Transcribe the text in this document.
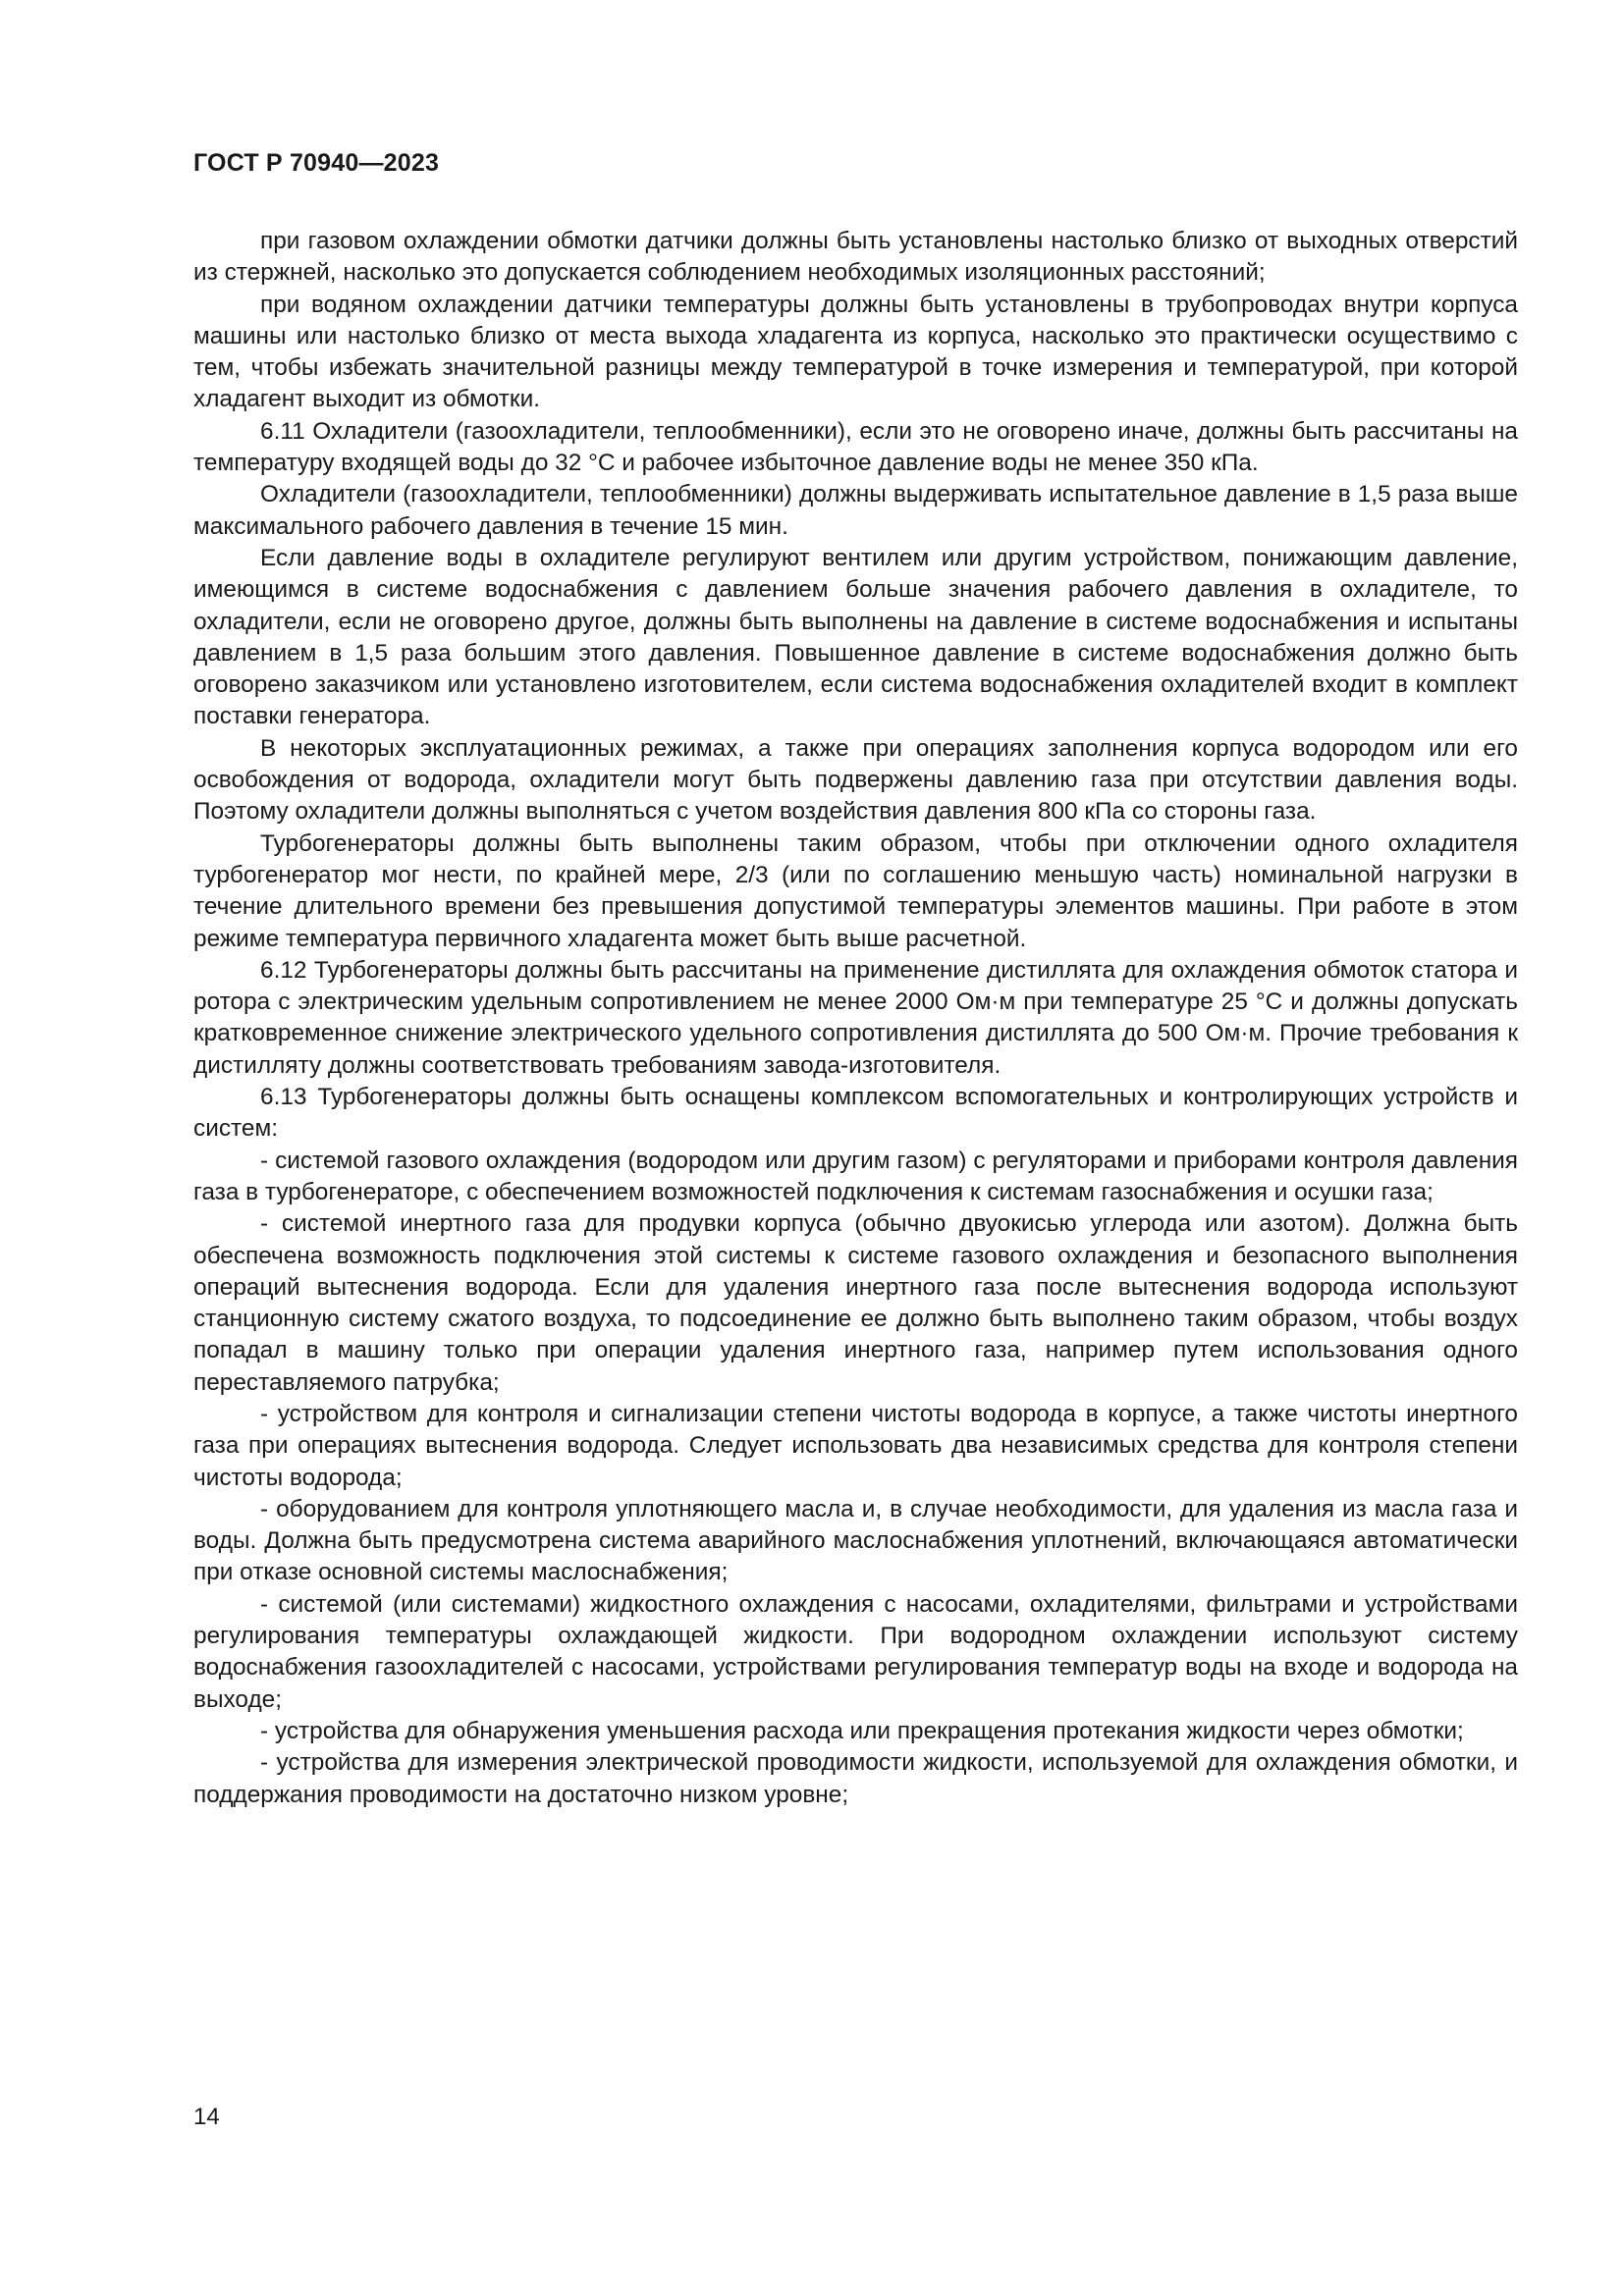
ГОСТ Р 70940—2023

при газовом охлаждении обмотки датчики должны быть установлены настолько близко от выходных отверстий из стержней, насколько это допускается соблюдением необходимых изоляционных расстояний;

при водяном охлаждении датчики температуры должны быть установлены в трубопроводах внутри корпуса машины или настолько близко от места выхода хладагента из корпуса, насколько это практически осуществимо с тем, чтобы избежать значительной разницы между температурой в точке измерения и температурой, при которой хладагент выходит из обмотки.

6.11 Охладители (газоохладители, теплообменники), если это не оговорено иначе, должны быть рассчитаны на температуру входящей воды до 32 °С и рабочее избыточное давление воды не менее 350 кПа.

Охладители (газоохладители, теплообменники) должны выдерживать испытательное давление в 1,5 раза выше максимального рабочего давления в течение 15 мин.

Если давление воды в охладителе регулируют вентилем или другим устройством, понижающим давление, имеющимся в системе водоснабжения с давлением больше значения рабочего давления в охладителе, то охладители, если не оговорено другое, должны быть выполнены на давление в системе водоснабжения и испытаны давлением в 1,5 раза большим этого давления. Повышенное давление в системе водоснабжения должно быть оговорено заказчиком или установлено изготовителем, если система водоснабжения охладителей входит в комплект поставки генератора.

В некоторых эксплуатационных режимах, а также при операциях заполнения корпуса водородом или его освобождения от водорода, охладители могут быть подвержены давлению газа при отсутствии давления воды. Поэтому охладители должны выполняться с учетом воздействия давления 800 кПа со стороны газа.

Турбогенераторы должны быть выполнены таким образом, чтобы при отключении одного охладителя турбогенератор мог нести, по крайней мере, 2/3 (или по соглашению меньшую часть) номинальной нагрузки в течение длительного времени без превышения допустимой температуры элементов машины. При работе в этом режиме температура первичного хладагента может быть выше расчетной.

6.12 Турбогенераторы должны быть рассчитаны на применение дистиллята для охлаждения обмоток статора и ротора с электрическим удельным сопротивлением не менее 2000 Ом·м при температуре 25 °С и должны допускать кратковременное снижение электрического удельного сопротивления дистиллята до 500 Ом·м. Прочие требования к дистилляту должны соответствовать требованиям завода-изготовителя.

6.13 Турбогенераторы должны быть оснащены комплексом вспомогательных и контролирующих устройств и систем:

- системой газового охлаждения (водородом или другим газом) с регуляторами и приборами контроля давления газа в турбогенераторе, с обеспечением возможностей подключения к системам газоснабжения и осушки газа;

- системой инертного газа для продувки корпуса (обычно двуокисью углерода или азотом). Должна быть обеспечена возможность подключения этой системы к системе газового охлаждения и безопасного выполнения операций вытеснения водорода. Если для удаления инертного газа после вытеснения водорода используют станционную систему сжатого воздуха, то подсоединение ее должно быть выполнено таким образом, чтобы воздух попадал в машину только при операции удаления инертного газа, например путем использования одного переставляемого патрубка;

- устройством для контроля и сигнализации степени чистоты водорода в корпусе, а также чистоты инертного газа при операциях вытеснения водорода. Следует использовать два независимых средства для контроля степени чистоты водорода;

- оборудованием для контроля уплотняющего масла и, в случае необходимости, для удаления из масла газа и воды. Должна быть предусмотрена система аварийного маслоснабжения уплотнений, включающаяся автоматически при отказе основной системы маслоснабжения;

- системой (или системами) жидкостного охлаждения с насосами, охладителями, фильтрами и устройствами регулирования температуры охлаждающей жидкости. При водородном охлаждении используют систему водоснабжения газоохладителей с насосами, устройствами регулирования температур воды на входе и водорода на выходе;

- устройства для обнаружения уменьшения расхода или прекращения протекания жидкости через обмотки;

- устройства для измерения электрической проводимости жидкости, используемой для охлаждения обмотки, и поддержания проводимости на достаточно низком уровне;

14
